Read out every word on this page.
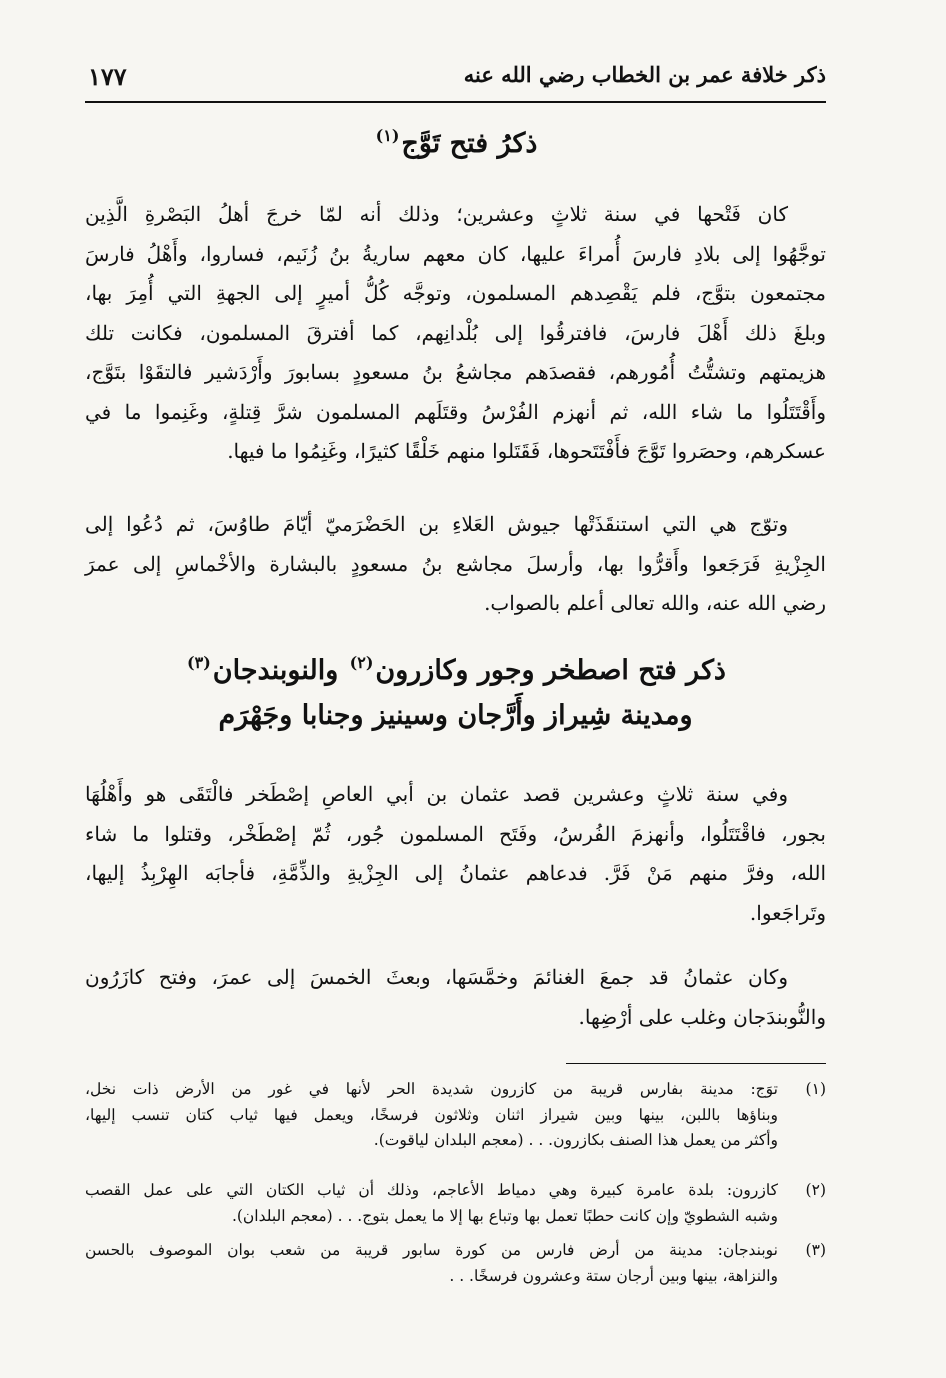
ذكر خلافة عمر بن الخطاب رضي الله عنه
١٧٧
ذكرُ فتح تَوَّج$^{(١)}$
كان فَتْحها في سنة ثلاثٍ وعشرين؛ وذلك أنه لمّا خرجَ أهلُ البَصْرةِ الَّذِين
توجَّهُوا إلى بلادِ فارسَ أُمراءَ عليها، كان معهم ساريةُ بنُ زُنَيم، فساروا، وأَهْلُ فارسَ
مجتمعون بتوَّج، فلم يَقْصِدهم المسلمون، وتوجَّه كُلُّ أميرٍ إلى الجهةِ التي أُمِرَ بها،
وبلغَ ذلك أَهْلَ فارسَ، فافترقُوا إلى بُلْدانِهم، كما أفترقَ المسلمون، فكانت تلك
هزيمتهم وتشتُّتُ أُمُورهم، فقصدَهم مجاشعُ بنُ مسعودٍ بسابورَ وأَرْدَشير فالتقَوْا بتَوَّج،
وأَقْتَتَلُوا ما شاء الله، ثم أنهزم الفُرْسُ وقتَلَهم المسلمون شرَّ قِتلةٍ، وغَنِموا ما في
عسكرهم، وحصَروا تَوَّجَ فأَفْتَتَحوها، فَقَتَلوا منهم خَلْقًا كثيرًا، وغَنِمُوا ما فيها.
وتوّج هي التي استنقَذَتْها جيوش العَلاءِ بن الحَضْرَميّ أيّامَ طاوُسَ، ثم دُعُوا إلى
الجِزْيةِ فَرَجَعوا وأَقرُّوا بها، وأرسلَ مجاشع بنُ مسعودٍ بالبشارة والأخْماسِ إلى عمرَ
رضي الله عنه، والله تعالى أعلم بالصواب.
ذكر فتح اصطخر وجور وكازرون$^{(٢)}$ والنوبندجان$^{(٣)}$
ومدينة شِيراز وأَرَّجان وسينيز وجنابا وجَهْرَم
وفي سنة ثلاثٍ وعشرين قصد عثمان بن أبي العاصِ إصْطَخر فالْتَقَى هو وأَهْلُهَا
بجور، فاقْتَتَلُوا، وأنهزمَ الفُرسُ، وفَتَح المسلمون جُور، ثُمّ إصْطَخْر، وقتلوا ما شاء
الله، وفرَّ منهم مَنْ فَرَّ. فدعاهم عثمانُ إلى الجِزْيةِ والذِّمَّةِ، فأجابَه الهِرْبِذُ إليها،
وتَراجَعوا.
وكان عثمانُ قد جمعَ الغنائمَ وخمَّسَها، وبعثَ الخمسَ إلى عمرَ، وفتح كازَرُون
والنُّوبندَجان وغلب على أرْضِها.
(١)
توَج: مدينة بفارس قريبة من كازرون شديدة الحر لأنها في غور من الأرض ذات نخل،
وبناؤها باللبن، بينها وبين شيراز اثنان وثلاثون فرسخًا، ويعمل فيها ثياب كتان تنسب إليها،
وأكثر من يعمل هذا الصنف بكازرون. . . (معجم البلدان لياقوت).
(٢)
كازرون: بلدة عامرة كبيرة وهي دمياط الأعاجم، وذلك أن ثياب الكتان التي على عمل القصب
وشبه الشطويّ وإن كانت حطبًا تعمل بها وتباع بها إلا ما يعمل بتوج. . . (معجم البلدان).
(٣)
نوبندجان: مدينة من أرض فارس من كورة سابور قريبة من شعب بوان الموصوف بالحسن
والنزاهة، بينها وبين أرجان ستة وعشرون فرسخًا. . .
